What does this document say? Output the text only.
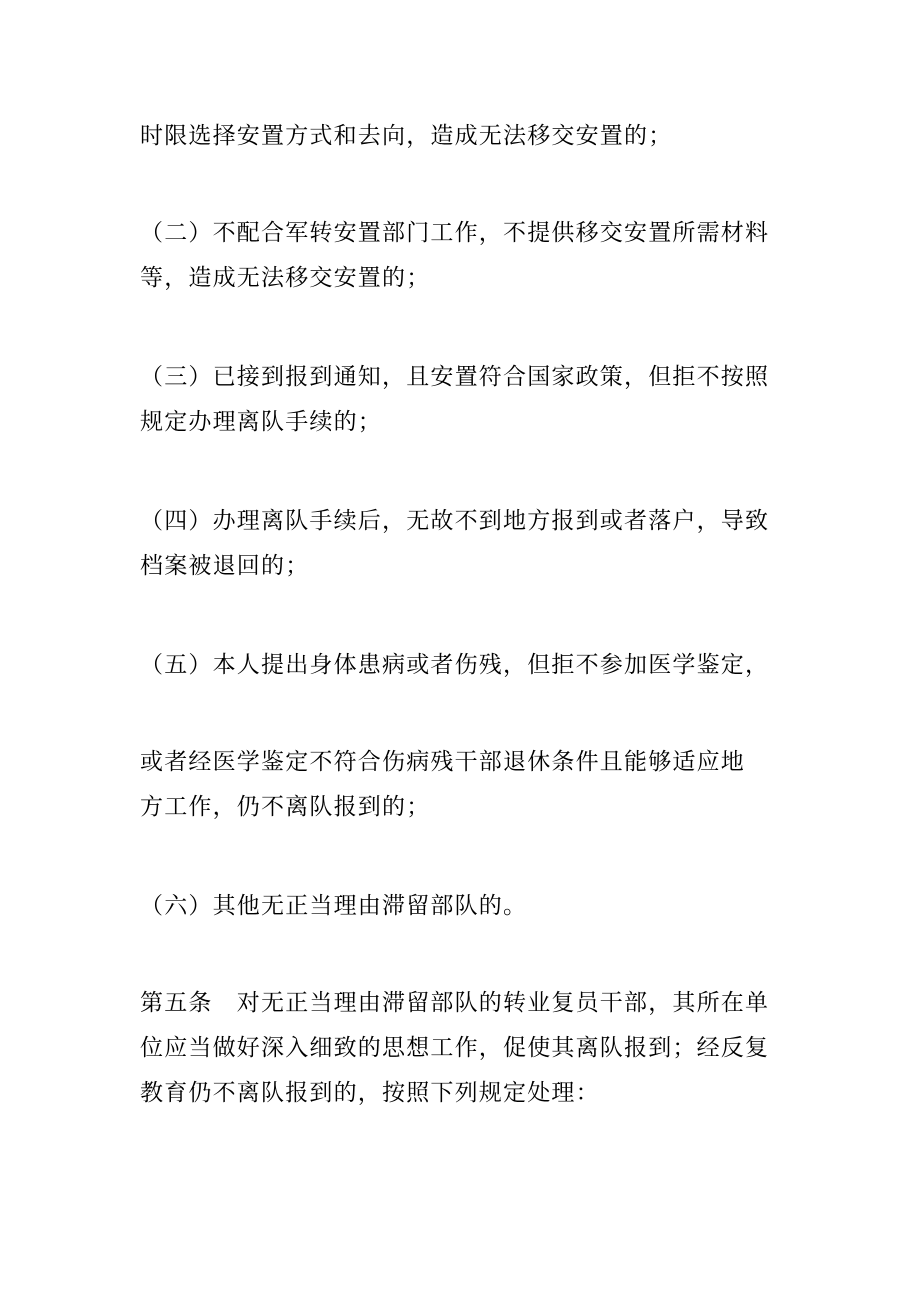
时限选择安置方式和去向，造成无法移交安置的；

（二）不配合军转安置部门工作，不提供移交安置所需材料
等，造成无法移交安置的；

（三）已接到报到通知，且安置符合国家政策，但拒不按照
规定办理离队手续的；

（四）办理离队手续后，无故不到地方报到或者落户，导致
档案被退回的；

（五）本人提出身体患病或者伤残，但拒不参加医学鉴定，

或者经医学鉴定不符合伤病残干部退休条件且能够适应地
方工作，仍不离队报到的；

（六）其他无正当理由滞留部队的。

第五条　对无正当理由滞留部队的转业复员干部，其所在单
位应当做好深入细致的思想工作，促使其离队报到；经反复
教育仍不离队报到的，按照下列规定处理：
